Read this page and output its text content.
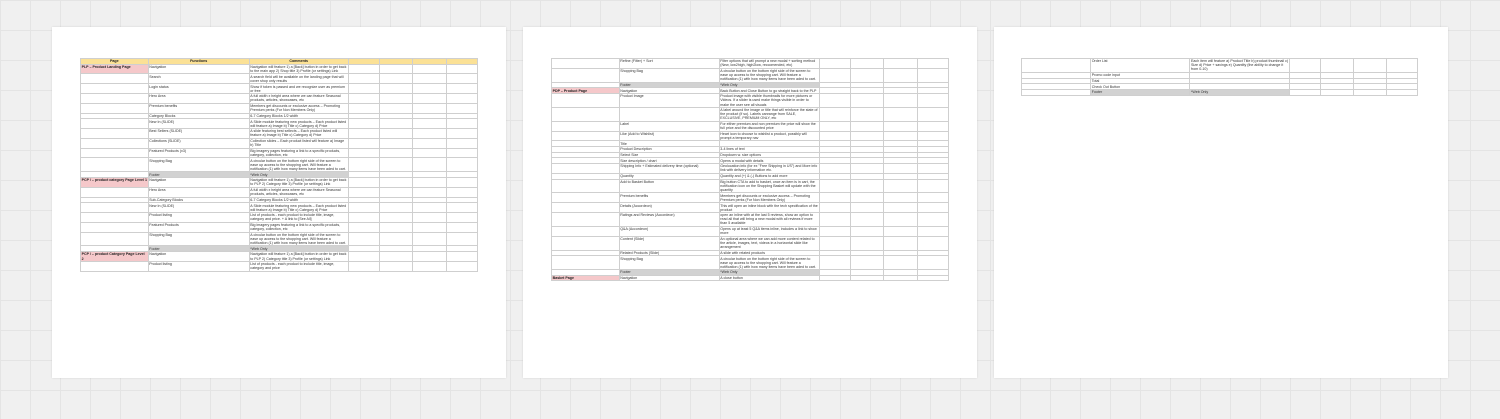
Page	Functions	Comments				
PLP – Product Landing Page	Navigation	Navigation will feature 1) a [Back] button in order to get back to the main app 2) Shop title 3) Profile (or settings) Link				
	Search	A search field will be available on the landing page that will cover shop only results				
	Login status	Show if token is passed and we recognize user as premium or free				
	Hero Area	A full width x height area where we can feature Seasonal products, articles, showcases, etc				
	Premium benefits	Members get discounts or exclusive access – Promoting Premium perks (For Non Members Only)				
	Category Blocks	6-7 Category Blocks 1/2 width				
	New In (SLIDE)	A Slide module featuring new products – Each product listed will feature a) Image b) Title c) Category d) Price				
	Best Sellers (SLIDE)	A slide featuring best sellects – Each product listed will feature a) Image b) Title c) Category d) Price				
	Collections (SLIDE)	Collection slides – Each product listed will feature a) Image b) Title				
	Featured Products (x3)	Big imagery pages featuring a link to a specific products, category, collection, etc				
	Shopping Bag	A circular button on the bottom right side of the screen to ease up access to the shopping cart. Will feature a notification (1) with how many items have been aded to cart.				
	Footer	*Web Only				
PCP / – product category Page Level 1	Navigation	Navigation will feature 1) a [Back] button in order to get back to PLP 2) Category title 3) Profile (or settings) Link				
	Hero Area	A full width x height area where we can feature Seasonal products, articles, showcases, etc				
	Sub-Category Blocks	6-7 Category Blocks 1/2 width				
	New In (SLIDE)	A Slide module featuring new products – Each product listed will feature a) Image b) Title c) Category d) Price				
	Product listing	List of products - each product to include title, image, category and price. + A link to [See All]				
	Featured Products	Big imagery pages featuring a link to a specific products, category, collection, etc				
	Shopping Bag	A circular button on the bottom right side of the screen to ease up access to the shopping cart. Will feature a notification (1) with how many items have been aded to cart.				
	Footer	*Web Only				
PCP / – product Category Page Level 2	Navigation	Navigation will feature 1) a [Back] button in order to get back to PLP 2) Category title 3) Profile (or settings) Link				
	Product listing	List of products - each product to include title, image, category and price				
	Refine (Filter) + Sort	Filter options that will prompt a new modal + sorting method (New, low2high, high2low, reccomended, etc)				
	Shopping Bag	A circular button on the bottom right side of the screen to ease up access to the shopping cart. Will feature a notification (1) with how many items have been aded to cart.				
	Footer	*Web Only				
PDP – Product Page	Navigation	Back Button and Close Button to go straight back to the PLP				
	Product Image	Product image with visible thumbnails for more pictures or Videos. If a slider is used make things visible in order to make the user see all visuals				
		A label around the image or title that will reinforce the state of the product (if so). Labels canrange from SALE, EXCLUSIVE, PREMIUM ONLY, etc				
	Label	For either premium and non premium the price will show the full price and the discounted price				
	Like (Add to Wishlist)	Heart icon to choose to wishlist a product, possibly will prompt a temporary nav				
	Title					
	Product Description	3-4 lines of text				
	Select Size	Dropdown w. size options				
	Size description / chart	Opens a modal with details				
	Shipping Info + Estimated delivery time (optional)	Geolocation info (for ex "Free Shipping in US") and More info link with delivery information etc.				
	Quantity	Quantity and (+) & (-) Buttons to add more				
	Add to Basket Button	Big button CTA to add to basket, once an item is in cart, the notification icon on the Shopping Basket will update with the quantity				
	Premium benefits	Members get discounts or exclusive access – Promoting Premium perks (For Non Members Only)				
	Details (Accordeon)	This will open an inline block with the tech specification of the product				
	Ratings and Reviews (Accordeon)	open an inline with at the last 5 reviews, show an option to read all that will bring a new modal with all reviews if more than 5 available				
	Q&A (Accordeon)	Opens up at least 5 Q&A items inline, includes a link to show more				
	Content (Slide)	An optional area where we can add more content related to the article, images, text, videos in a horizontal slide like arrangement				
	Related Products (Slide)	A slide with related products				
	Shopping Bag	A circular button on the bottom right side of the screen to ease up access to the shopping cart. Will feature a notification (1) with how many items have been aded to cart.				
	Footer	*Web Only				
Basket Page	Navigation	A close button				
	Order List	Each item will feature a) Product Title b) product thumbnail c) Size d) Price + savings e) Quantity (the ability to change it from 0-10)				
	Promo code input					
	Total					
	Check Out Button					
	Footer	*Web Only				
